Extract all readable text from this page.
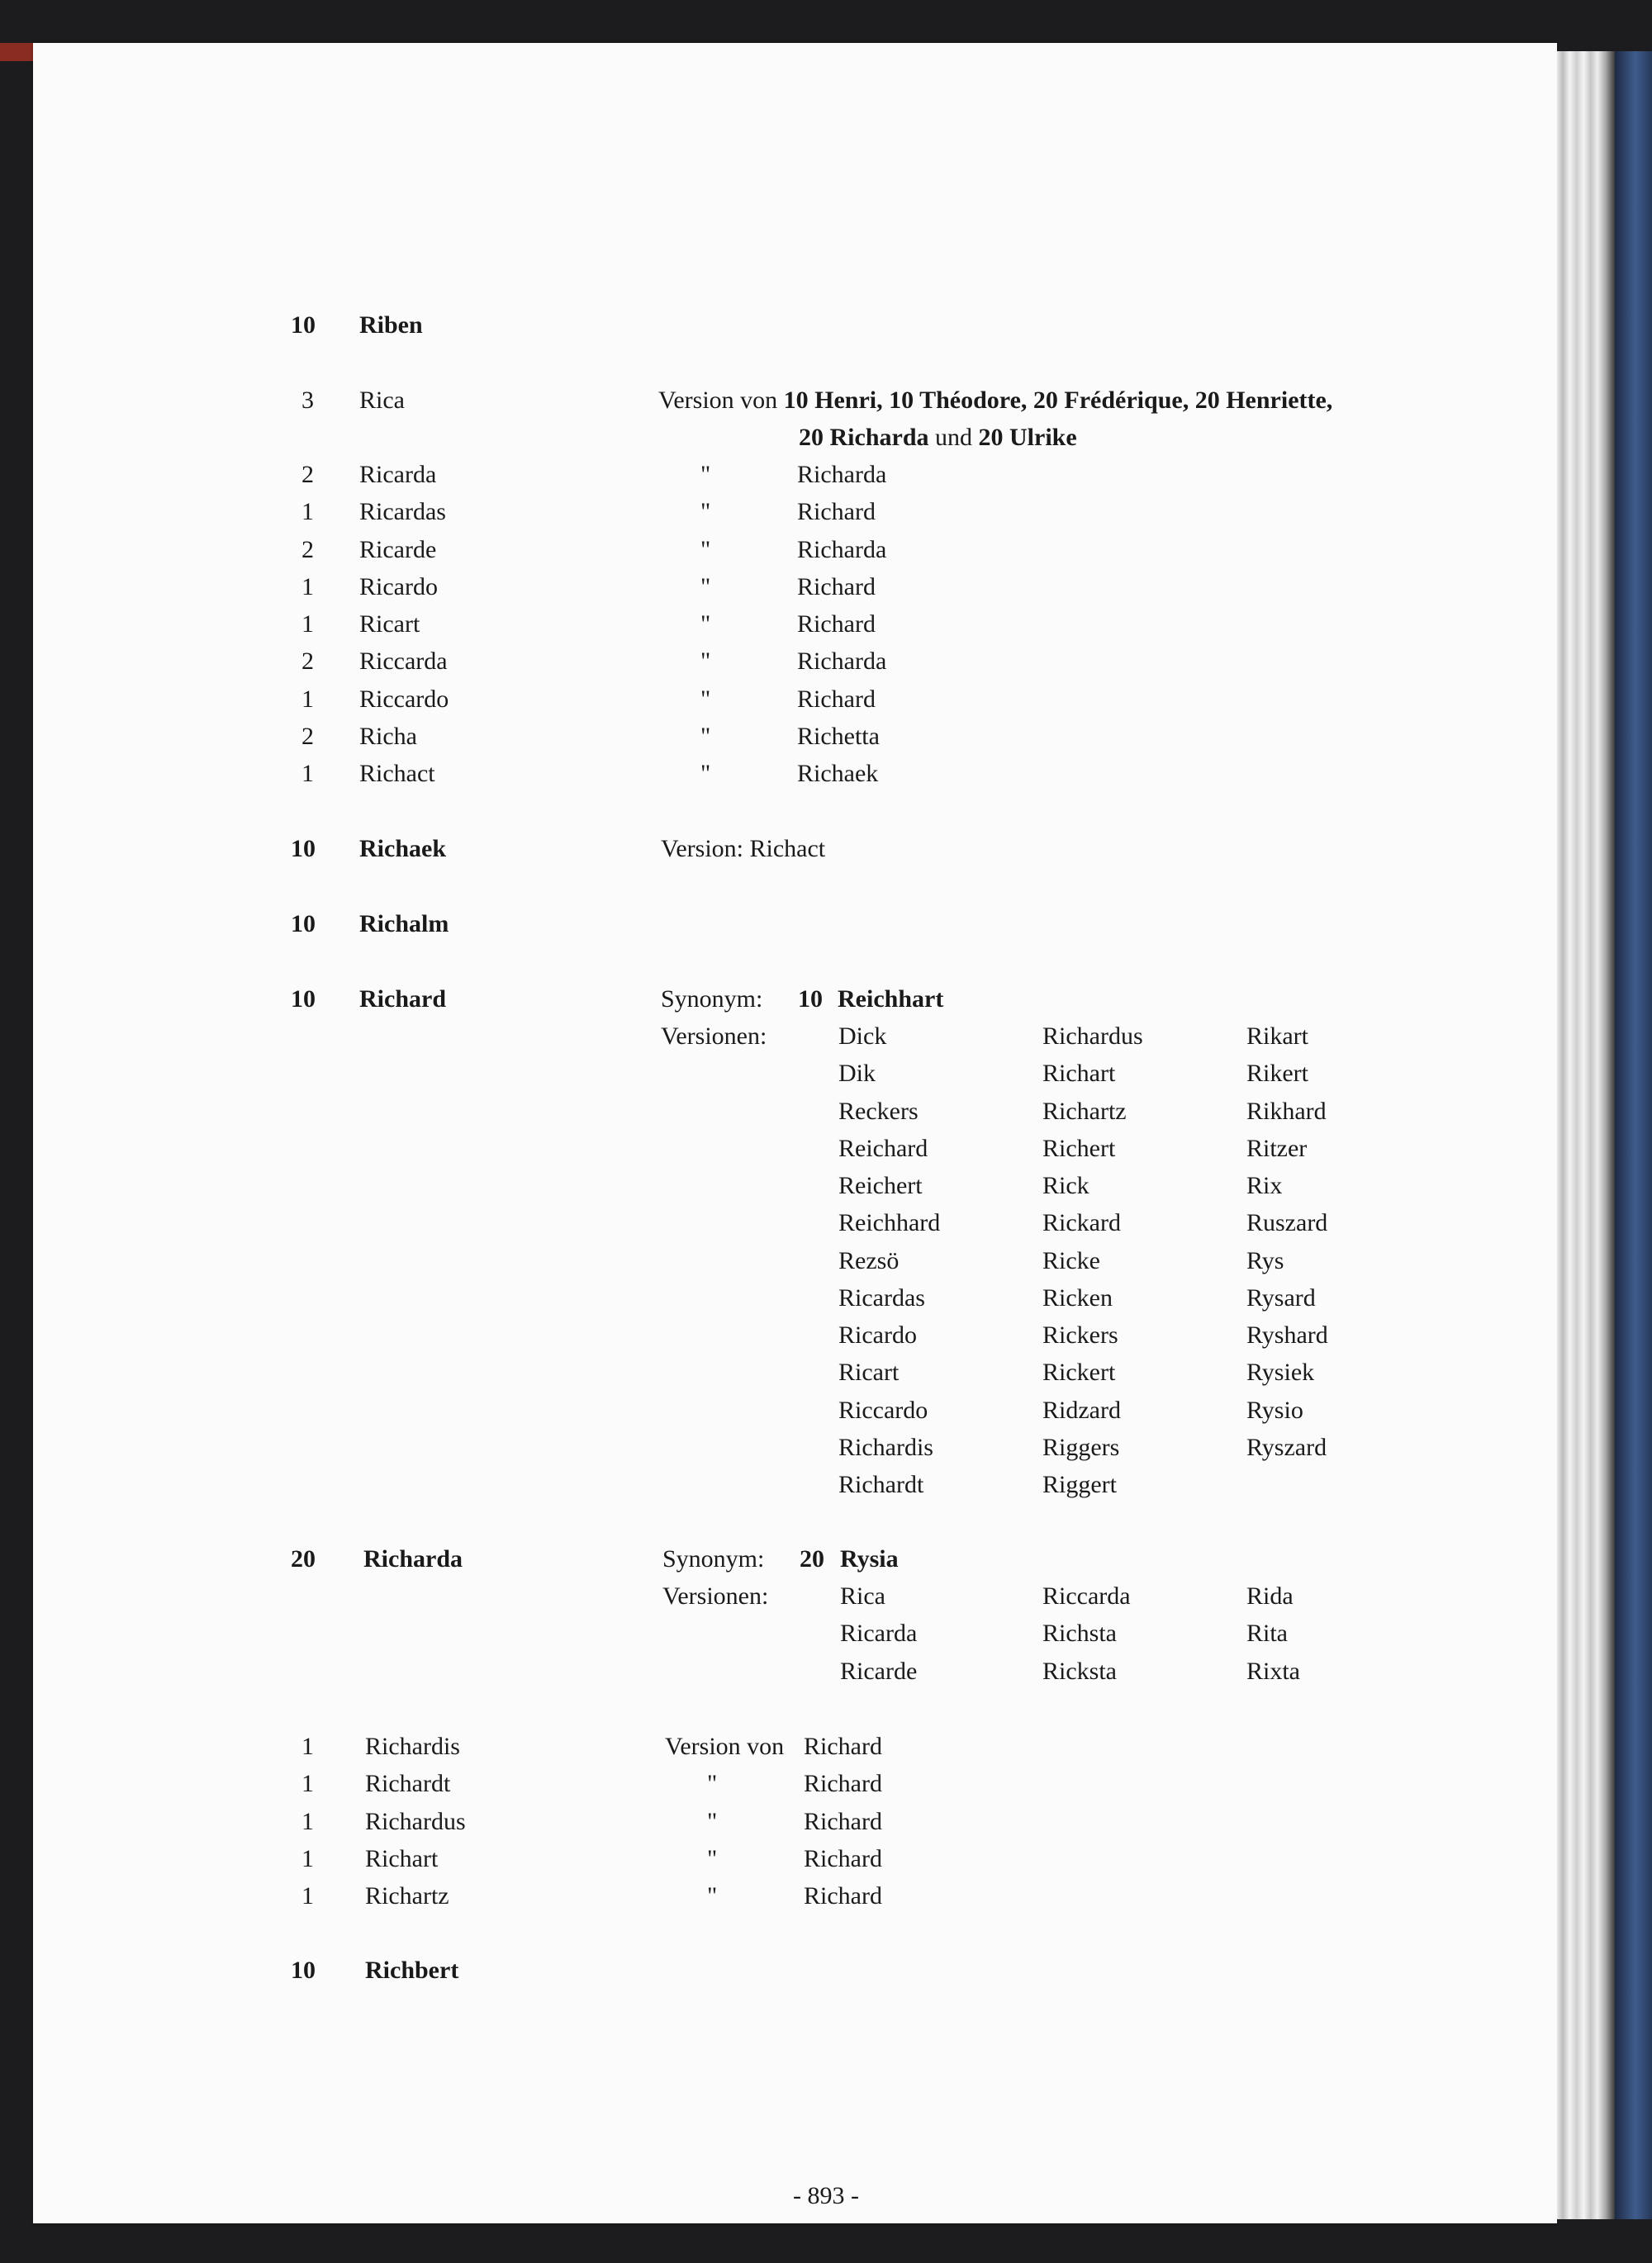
10 Riben
3 Rica	Version von 10 Henri, 10 Théodore, 20 Frédérique, 20 Henriette,
20 Richarda und 20 Ulrike
2 Ricarda	"	Richarda
1 Ricardas	"	Richard
2 Ricarde	"	Richarda
1 Ricardo	"	Richard
1 Ricart	"	Richard
2 Riccarda	"	Richarda
1 Riccardo	"	Richard
2 Richa	"	Richetta
1 Richact	"	Richaek
10 Richaek	Version: Richact
10 Richalm
10 Richard	Synonym: 10 Reichhart
Versionen:	Dick	Richardus	Rikart
Dik	Richart	Rikert
Reckers	Richartz	Rikhard
Reichard	Richert	Ritzer
Reichert	Rick	Rix
Reichhard	Rickard	Ruszard
Rezsö	Ricke	Rys
Ricardas	Ricken	Rysard
Ricardo	Rickers	Ryshard
Ricart	Rickert	Rysiek
Riccardo	Ridzard	Rysio
Richardis	Riggers	Ryszard
Richardt	Riggert
20 Richarda	Synonym: 20 Rysia
Versionen:	Rica	Riccarda	Rida
Ricarda	Richsta	Rita
Ricarde	Ricksta	Rixta
1 Richardis	Version von Richard
1 Richardt	"	Richard
1 Richardus	"	Richard
1 Richart	"	Richard
1 Richartz	"	Richard
10 Richbert
- 893 -
